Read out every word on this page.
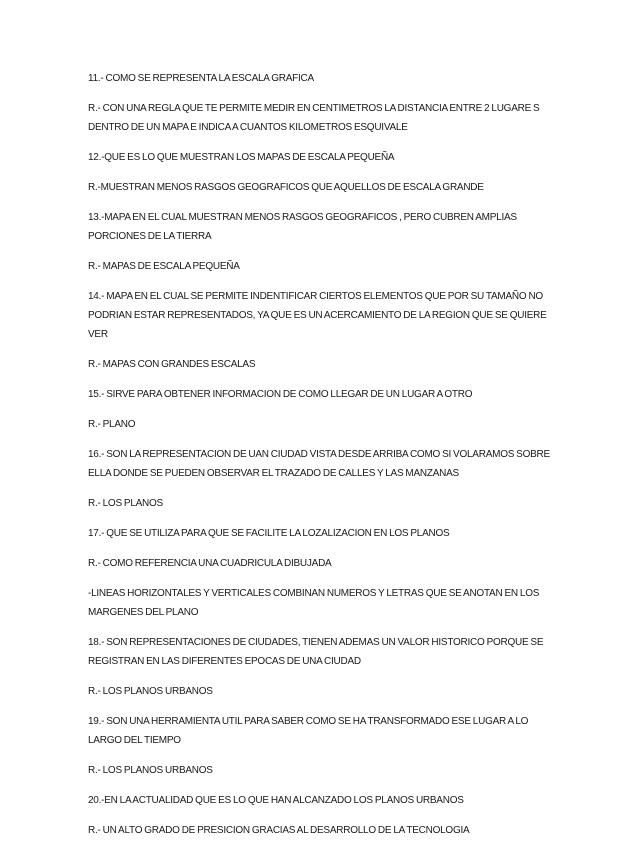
11.- COMO SE REPRESENTA LA ESCALA GRAFICA

R.- CON UNA REGLA QUE TE PERMITE MEDIR EN CENTIMETROS LA DISTANCIA ENTRE 2 LUGARE S DENTRO DE UN MAPA E INDICA A CUANTOS KILOMETROS ESQUIVALE

12.-QUE ES LO QUE MUESTRAN LOS MAPAS DE ESCALA PEQUEÑA

R.-MUESTRAN MENOS RASGOS GEOGRAFICOS QUE AQUELLOS DE ESCALA GRANDE

13.-MAPA EN EL CUAL MUESTRAN MENOS RASGOS GEOGRAFICOS , PERO CUBREN AMPLIAS PORCIONES DE LA TIERRA

R.- MAPAS DE ESCALA PEQUEÑA

14.- MAPA EN EL CUAL SE PERMITE INDENTIFICAR CIERTOS ELEMENTOS QUE POR SU TAMAÑO NO PODRIAN ESTAR REPRESENTADOS, YA QUE ES UN ACERCAMIENTO DE LA REGION QUE SE QUIERE VER

R.- MAPAS CON GRANDES ESCALAS

15.- SIRVE PARA OBTENER INFORMACION DE COMO LLEGAR DE UN LUGAR A OTRO

R.- PLANO

16.- SON LA REPRESENTACION DE UAN CIUDAD VISTA DESDE ARRIBA COMO SI VOLARAMOS SOBRE ELLA DONDE SE PUEDEN OBSERVAR EL TRAZADO DE CALLES Y LAS MANZANAS

R.- LOS PLANOS

17.- QUE SE UTILIZA PARA QUE SE FACILITE LA LOZALIZACION EN LOS PLANOS

R.- COMO REFERENCIA UNA CUADRICULA DIBUJADA

-LINEAS HORIZONTALES Y VERTICALES COMBINAN NUMEROS Y LETRAS QUE SE ANOTAN EN LOS MARGENES DEL PLANO

18.- SON REPRESENTACIONES DE CIUDADES, TIENEN ADEMAS UN VALOR HISTORICO PORQUE SE REGISTRAN EN LAS DIFERENTES EPOCAS DE UNA CIUDAD

R.- LOS PLANOS URBANOS

19.- SON UNA HERRAMIENTA UTIL PARA SABER COMO SE HA TRANSFORMADO ESE LUGAR A LO LARGO DEL TIEMPO

R.- LOS PLANOS URBANOS

20.-EN LA ACTUALIDAD QUE ES LO QUE HAN ALCANZADO LOS PLANOS URBANOS

R.- UN ALTO GRADO DE PRESICION GRACIAS AL DESARROLLO DE LA TECNOLOGIA
